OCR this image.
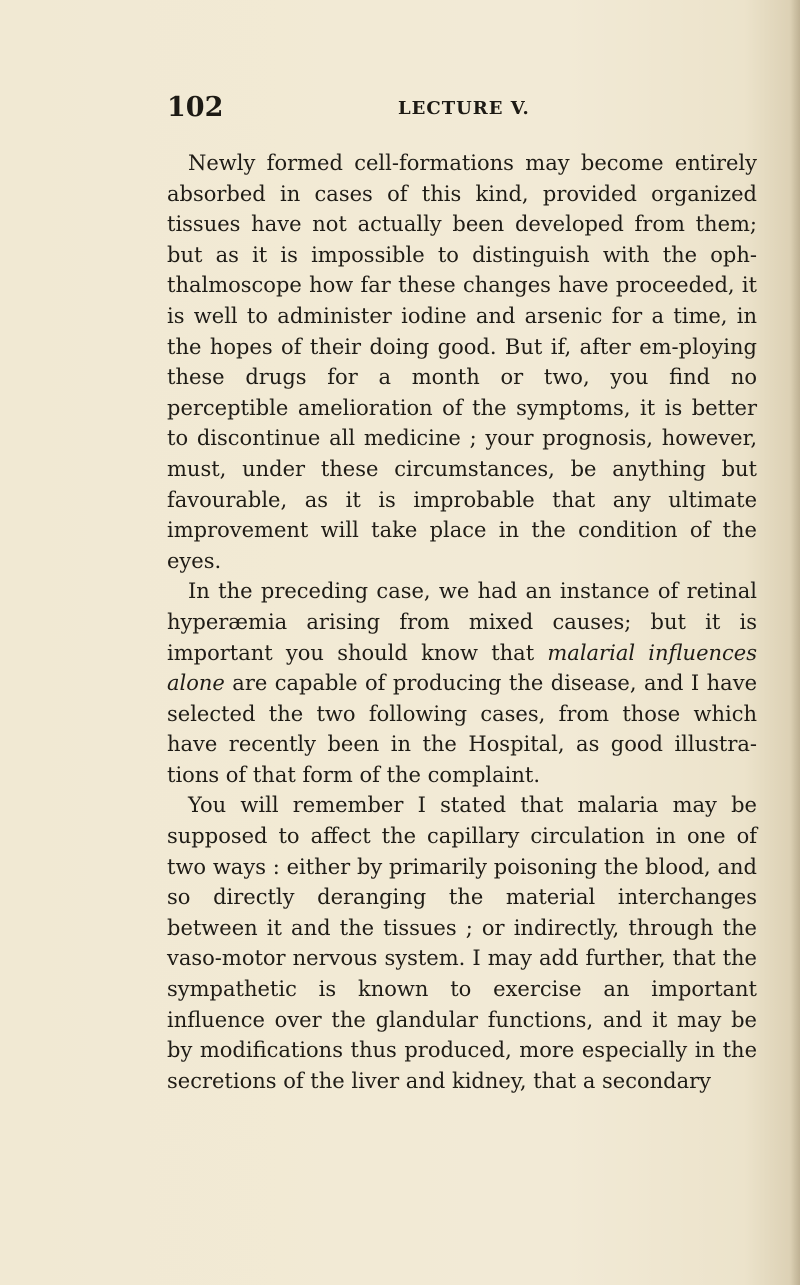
102	LECTURE V.

Newly formed cell-formations may become entirely absorbed in cases of this kind, provided organized tissues have not actually been developed from them; but as it is impossible to distinguish with the oph-thalmoscope how far these changes have proceeded, it is well to administer iodine and arsenic for a time, in the hopes of their doing good. But if, after em-ploying these drugs for a month or two, you find no perceptible amelioration of the symptoms, it is better to discontinue all medicine ; your prognosis, however, must, under these circumstances, be anything but favourable, as it is improbable that any ultimate improvement will take place in the condition of the eyes.

In the preceding case, we had an instance of retinal hyperæmia arising from mixed causes; but it is important you should know that malarial influences alone are capable of producing the disease, and I have selected the two following cases, from those which have recently been in the Hospital, as good illustra-tions of that form of the complaint.

You will remember I stated that malaria may be supposed to affect the capillary circulation in one of two ways : either by primarily poisoning the blood, and so directly deranging the material interchanges between it and the tissues ; or indirectly, through the vaso-motor nervous system. I may add further, that the sympathetic is known to exercise an important influence over the glandular functions, and it may be by modifications thus produced, more especially in the secretions of the liver and kidney, that a secondary
